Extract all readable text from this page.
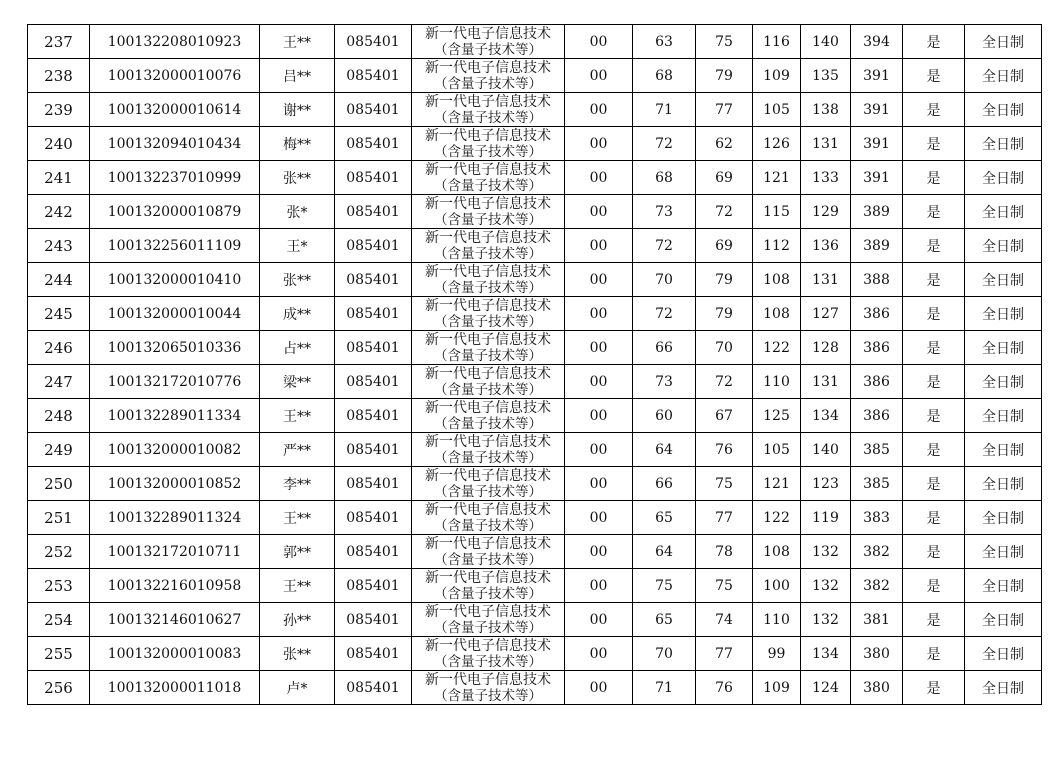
237	100132208010923	王**	085401	新一代电子信息技术
（含量子技术等）	00	63	75	116	140	394	是	全日制
238	100132000010076	吕**	085401	新一代电子信息技术
（含量子技术等）	00	68	79	109	135	391	是	全日制
239	100132000010614	谢**	085401	新一代电子信息技术
（含量子技术等）	00	71	77	105	138	391	是	全日制
240	100132094010434	梅**	085401	新一代电子信息技术
（含量子技术等）	00	72	62	126	131	391	是	全日制
241	100132237010999	张**	085401	新一代电子信息技术
（含量子技术等）	00	68	69	121	133	391	是	全日制
242	100132000010879	张*	085401	新一代电子信息技术
（含量子技术等）	00	73	72	115	129	389	是	全日制
243	100132256011109	王*	085401	新一代电子信息技术
（含量子技术等）	00	72	69	112	136	389	是	全日制
244	100132000010410	张**	085401	新一代电子信息技术
（含量子技术等）	00	70	79	108	131	388	是	全日制
245	100132000010044	成**	085401	新一代电子信息技术
（含量子技术等）	00	72	79	108	127	386	是	全日制
246	100132065010336	占**	085401	新一代电子信息技术
（含量子技术等）	00	66	70	122	128	386	是	全日制
247	100132172010776	梁**	085401	新一代电子信息技术
（含量子技术等）	00	73	72	110	131	386	是	全日制
248	100132289011334	王**	085401	新一代电子信息技术
（含量子技术等）	00	60	67	125	134	386	是	全日制
249	100132000010082	严**	085401	新一代电子信息技术
（含量子技术等）	00	64	76	105	140	385	是	全日制
250	100132000010852	李**	085401	新一代电子信息技术
（含量子技术等）	00	66	75	121	123	385	是	全日制
251	100132289011324	王**	085401	新一代电子信息技术
（含量子技术等）	00	65	77	122	119	383	是	全日制
252	100132172010711	郭**	085401	新一代电子信息技术
（含量子技术等）	00	64	78	108	132	382	是	全日制
253	100132216010958	王**	085401	新一代电子信息技术
（含量子技术等）	00	75	75	100	132	382	是	全日制
254	100132146010627	孙**	085401	新一代电子信息技术
（含量子技术等）	00	65	74	110	132	381	是	全日制
255	100132000010083	张**	085401	新一代电子信息技术
（含量子技术等）	00	70	77	99	134	380	是	全日制
256	100132000011018	卢*	085401	新一代电子信息技术
（含量子技术等）	00	71	76	109	124	380	是	全日制
